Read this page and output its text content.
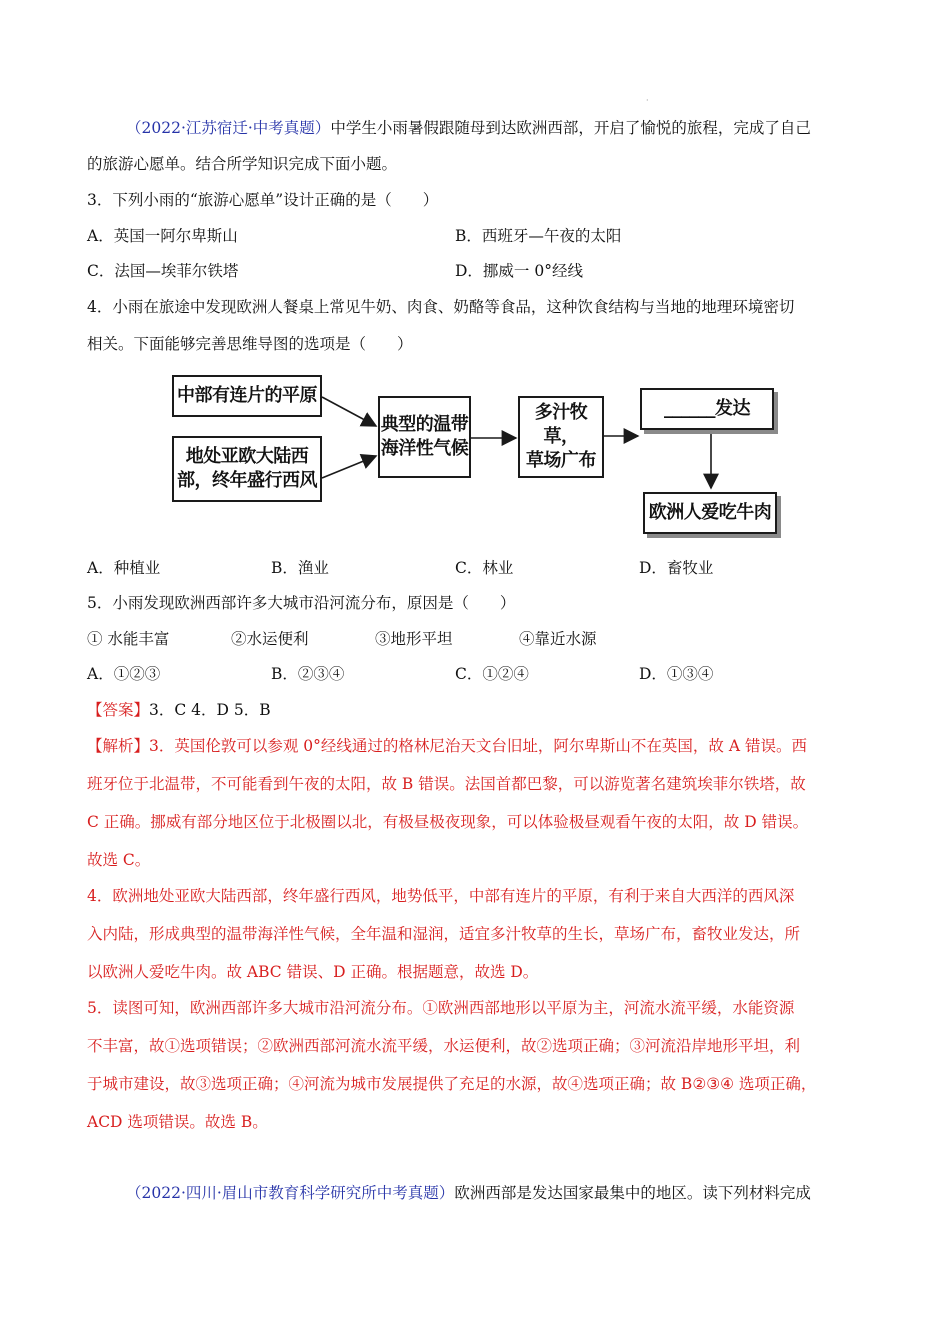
·
（2022·江苏宿迁·中考真题）中学生小雨暑假跟随母到达欧洲西部，开启了愉悦的旅程，完成了自己
的旅游心愿单。结合所学知识完成下面小题。
3．下列小雨的“旅游心愿单”设计正确的是（　　）
A．英国一阿尔卑斯山	B．西班牙—午夜的太阳
C．法国—埃菲尔铁塔	D．挪威一 0°经线
4．小雨在旅途中发现欧洲人餐桌上常见牛奶、肉食、奶酪等食品，这种饮食结构与当地的地理环境密切
相关。下面能够完善思维导图的选项是（　　）
中部有连片的平原
地处亚欧大陆西
部，终年盛行西风
典型的温带
海洋性气候
多汁牧草，
草场广布
______发达
欧洲人爱吃牛肉
A．种植业	B．渔业	C．林业	D．畜牧业
5．小雨发现欧洲西部许多大城市沿河流分布，原因是（　　）
① 水能丰富	②水运便利	③地形平坦	④靠近水源
A．①②③	B．②③④	C．①②④	D．①③④
【答案】3．C 4．D 5．B
【解析】3．英国伦敦可以参观 0°经线通过的格林尼治天文台旧址，阿尔卑斯山不在英国，故 A 错误。西
班牙位于北温带，不可能看到午夜的太阳，故 B 错误。法国首都巴黎，可以游览著名建筑埃菲尔铁塔，故
C 正确。挪威有部分地区位于北极圈以北，有极昼极夜现象，可以体验极昼观看午夜的太阳，故 D 错误。
故选 C。
4．欧洲地处亚欧大陆西部，终年盛行西风，地势低平，中部有连片的平原，有利于来自大西洋的西风深
入内陆，形成典型的温带海洋性气候，全年温和湿润，适宜多汁牧草的生长，草场广布，畜牧业发达，所
以欧洲人爱吃牛肉。故 ABC 错误、D 正确。根据题意，故选 D。
5．读图可知，欧洲西部许多大城市沿河流分布。①欧洲西部地形以平原为主，河流水流平缓，水能资源
不丰富，故①选项错误；②欧洲西部河流水流平缓，水运便利，故②选项正确；③河流沿岸地形平坦，利
于城市建设，故③选项正确；④河流为城市发展提供了充足的水源，故④选项正确；故 B②③④ 选项正确，
ACD 选项错误。故选 B。
（2022·四川·眉山市教育科学研究所中考真题）欧洲西部是发达国家最集中的地区。读下列材料完成
